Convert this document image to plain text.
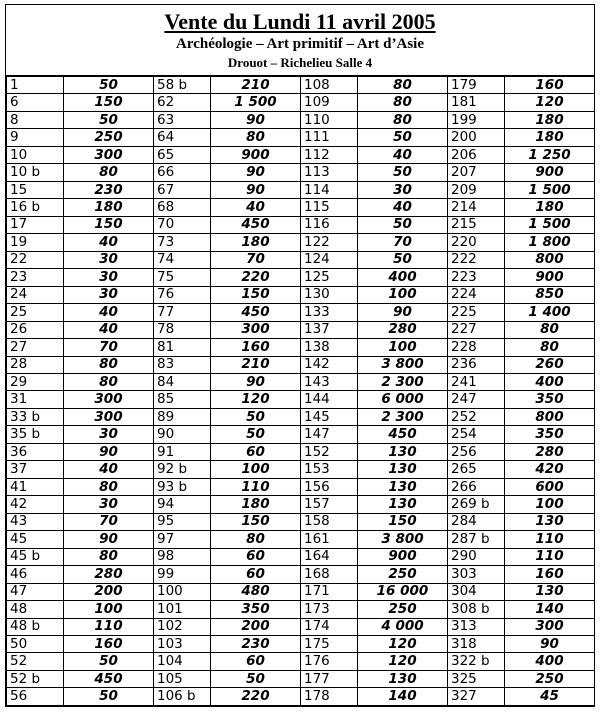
Vente du Lundi 11 avril 2005
Archéologie – Art primitif – Art d’Asie
Drouot – Richelieu Salle 4
1	50	58 b	210	108	80	179	160
6	150	62	1 500	109	80	181	120
8	50	63	90	110	80	199	180
9	250	64	80	111	50	200	180
10	300	65	900	112	40	206	1 250
10 b	80	66	90	113	50	207	900
15	230	67	90	114	30	209	1 500
16 b	180	68	40	115	40	214	180
17	150	70	450	116	50	215	1 500
19	40	73	180	122	70	220	1 800
22	30	74	70	124	50	222	800
23	30	75	220	125	400	223	900
24	30	76	150	130	100	224	850
25	40	77	450	133	90	225	1 400
26	40	78	300	137	280	227	80
27	70	81	160	138	100	228	80
28	80	83	210	142	3 800	236	260
29	80	84	90	143	2 300	241	400
31	300	85	120	144	6 000	247	350
33 b	300	89	50	145	2 300	252	800
35 b	30	90	50	147	450	254	350
36	90	91	60	152	130	256	280
37	40	92 b	100	153	130	265	420
41	80	93 b	110	156	130	266	600
42	30	94	180	157	130	269 b	100
43	70	95	150	158	150	284	130
45	90	97	80	161	3 800	287 b	110
45 b	80	98	60	164	900	290	110
46	280	99	60	168	250	303	160
47	200	100	480	171	16 000	304	130
48	100	101	350	173	250	308 b	140
48 b	110	102	200	174	4 000	313	300
50	160	103	230	175	120	318	90
52	50	104	60	176	120	322 b	400
52 b	450	105	50	177	130	325	250
56	50	106 b	220	178	140	327	45
